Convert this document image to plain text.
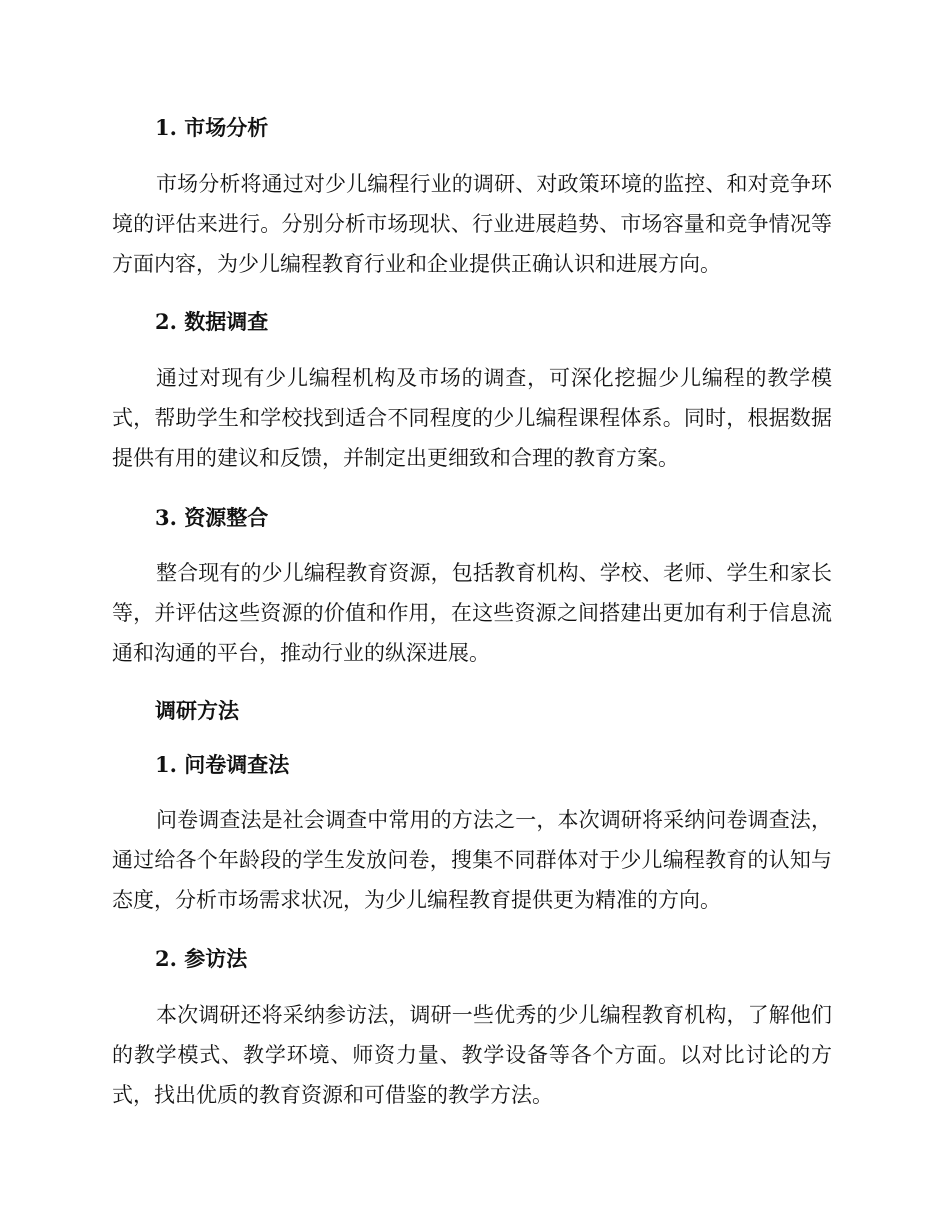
1. 市场分析
市场分析将通过对少儿编程行业的调研、对政策环境的监控、和对竞争环境的评估来进行。分别分析市场现状、行业进展趋势、市场容量和竞争情况等方面内容，为少儿编程教育行业和企业提供正确认识和进展方向。
2. 数据调查
通过对现有少儿编程机构及市场的调查，可深化挖掘少儿编程的教学模式，帮助学生和学校找到适合不同程度的少儿编程课程体系。同时，根据数据提供有用的建议和反馈，并制定出更细致和合理的教育方案。
3. 资源整合
整合现有的少儿编程教育资源，包括教育机构、学校、老师、学生和家长等，并评估这些资源的价值和作用，在这些资源之间搭建出更加有利于信息流通和沟通的平台，推动行业的纵深进展。
调研方法
1. 问卷调查法
问卷调查法是社会调查中常用的方法之一，本次调研将采纳问卷调查法，通过给各个年龄段的学生发放问卷，搜集不同群体对于少儿编程教育的认知与态度，分析市场需求状况，为少儿编程教育提供更为精准的方向。
2. 参访法
本次调研还将采纳参访法，调研一些优秀的少儿编程教育机构，了解他们的教学模式、教学环境、师资力量、教学设备等各个方面。以对比讨论的方式，找出优质的教育资源和可借鉴的教学方法。
